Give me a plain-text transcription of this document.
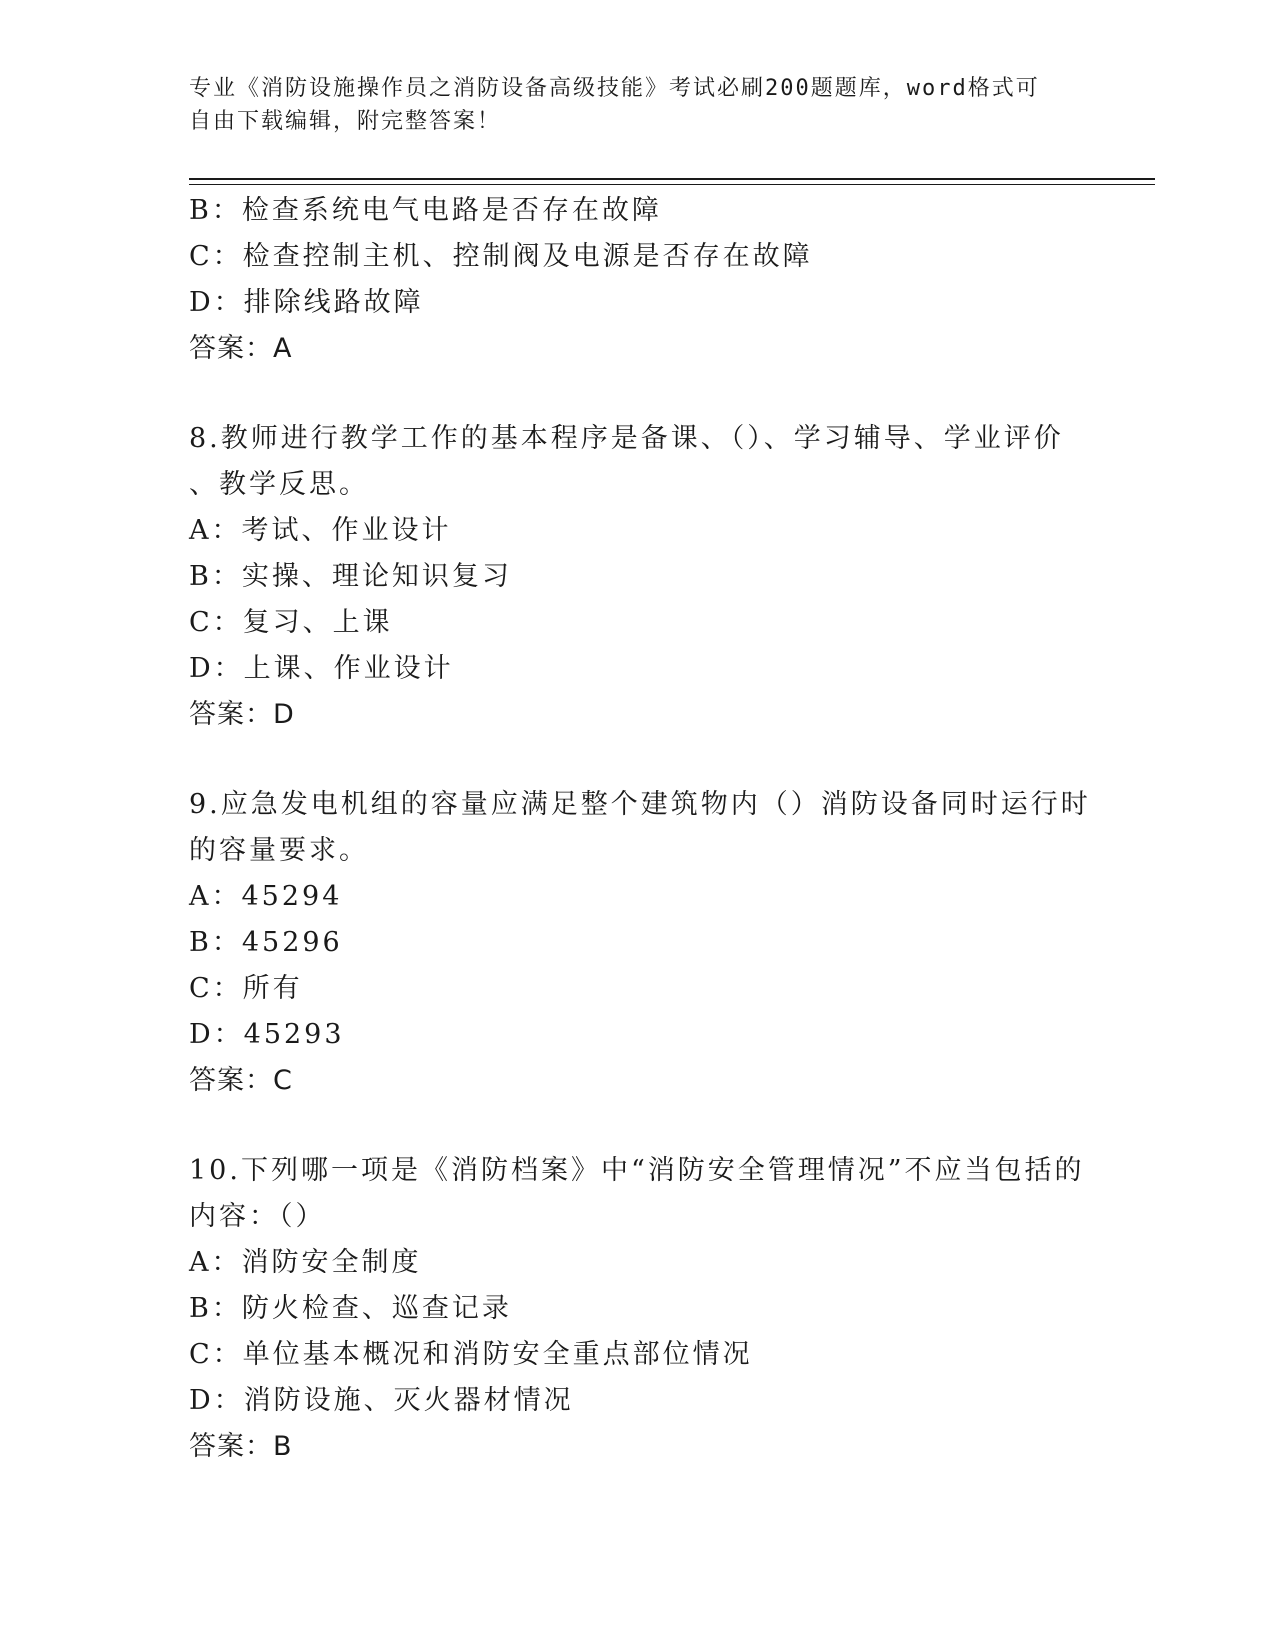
专业《消防设施操作员之消防设备高级技能》考试必刷200题题库，word格式可
自由下载编辑，附完整答案！
B：检查系统电气电路是否存在故障
C：检查控制主机、控制阀及电源是否存在故障
D：排除线路故障
答案：A
8.教师进行教学工作的基本程序是备课、（）、学习辅导、学业评价
、教学反思。
A：考试、作业设计
B：实操、理论知识复习
C：复习、上课
D：上课、作业设计
答案：D
9.应急发电机组的容量应满足整个建筑物内（）消防设备同时运行时
的容量要求。
A：45294
B：45296
C：所有
D：45293
答案：C
10.下列哪一项是《消防档案》中“消防安全管理情况”不应当包括的
内容：（）
A：消防安全制度
B：防火检查、巡查记录
C：单位基本概况和消防安全重点部位情况
D：消防设施、灭火器材情况
答案：B
